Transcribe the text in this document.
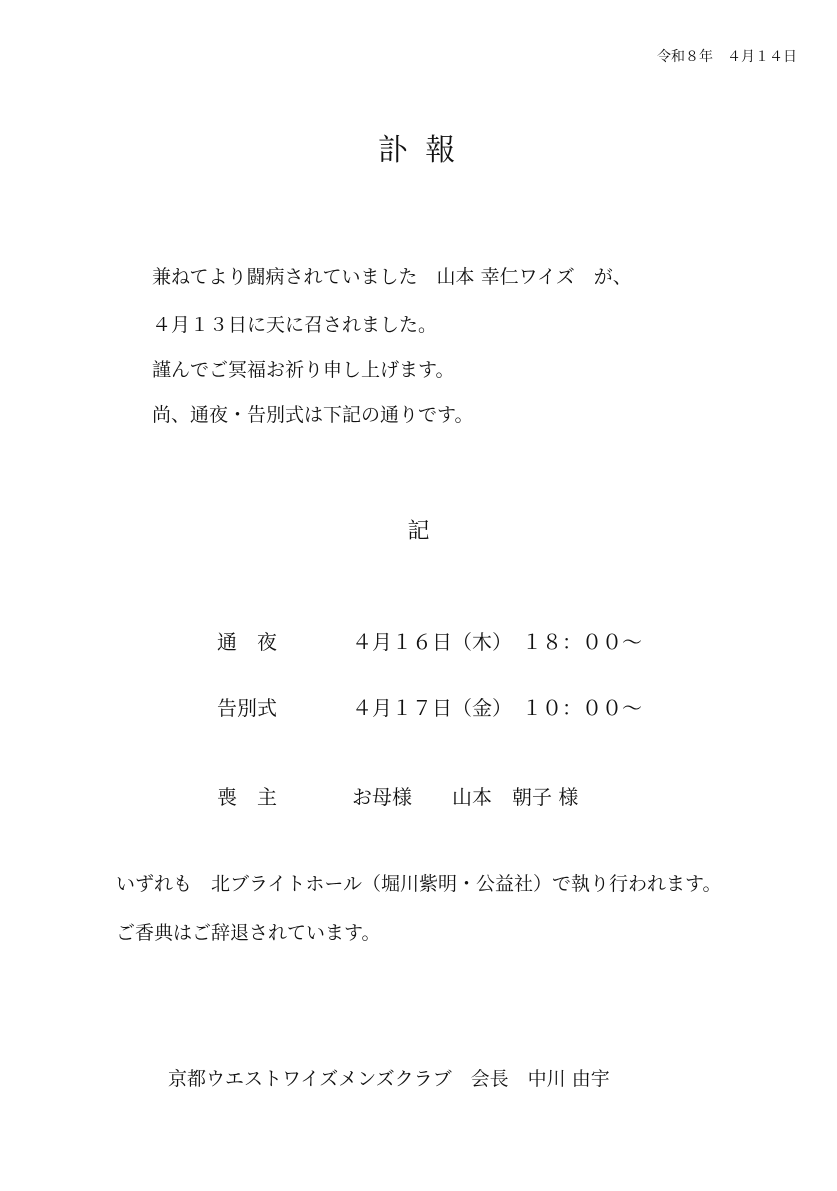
令和８年　４月１４日
訃 報
兼ねてより闘病されていました　山本 幸仁ワイズ　が、
４月１３日に天に召されました。
謹んでご冥福お祈り申し上げます。
尚、通夜・告別式は下記の通りです。
記
通　夜	４月１６日（木）　１８：００～
告別式	４月１７日（金）　１０：００～
喪　主	お母様　　山本　朝子 様
いずれも　北ブライトホール（堀川紫明・公益社）で執り行われます。
ご香典はご辞退されています。
京都ウエストワイズメンズクラブ　会長　中川 由宇
